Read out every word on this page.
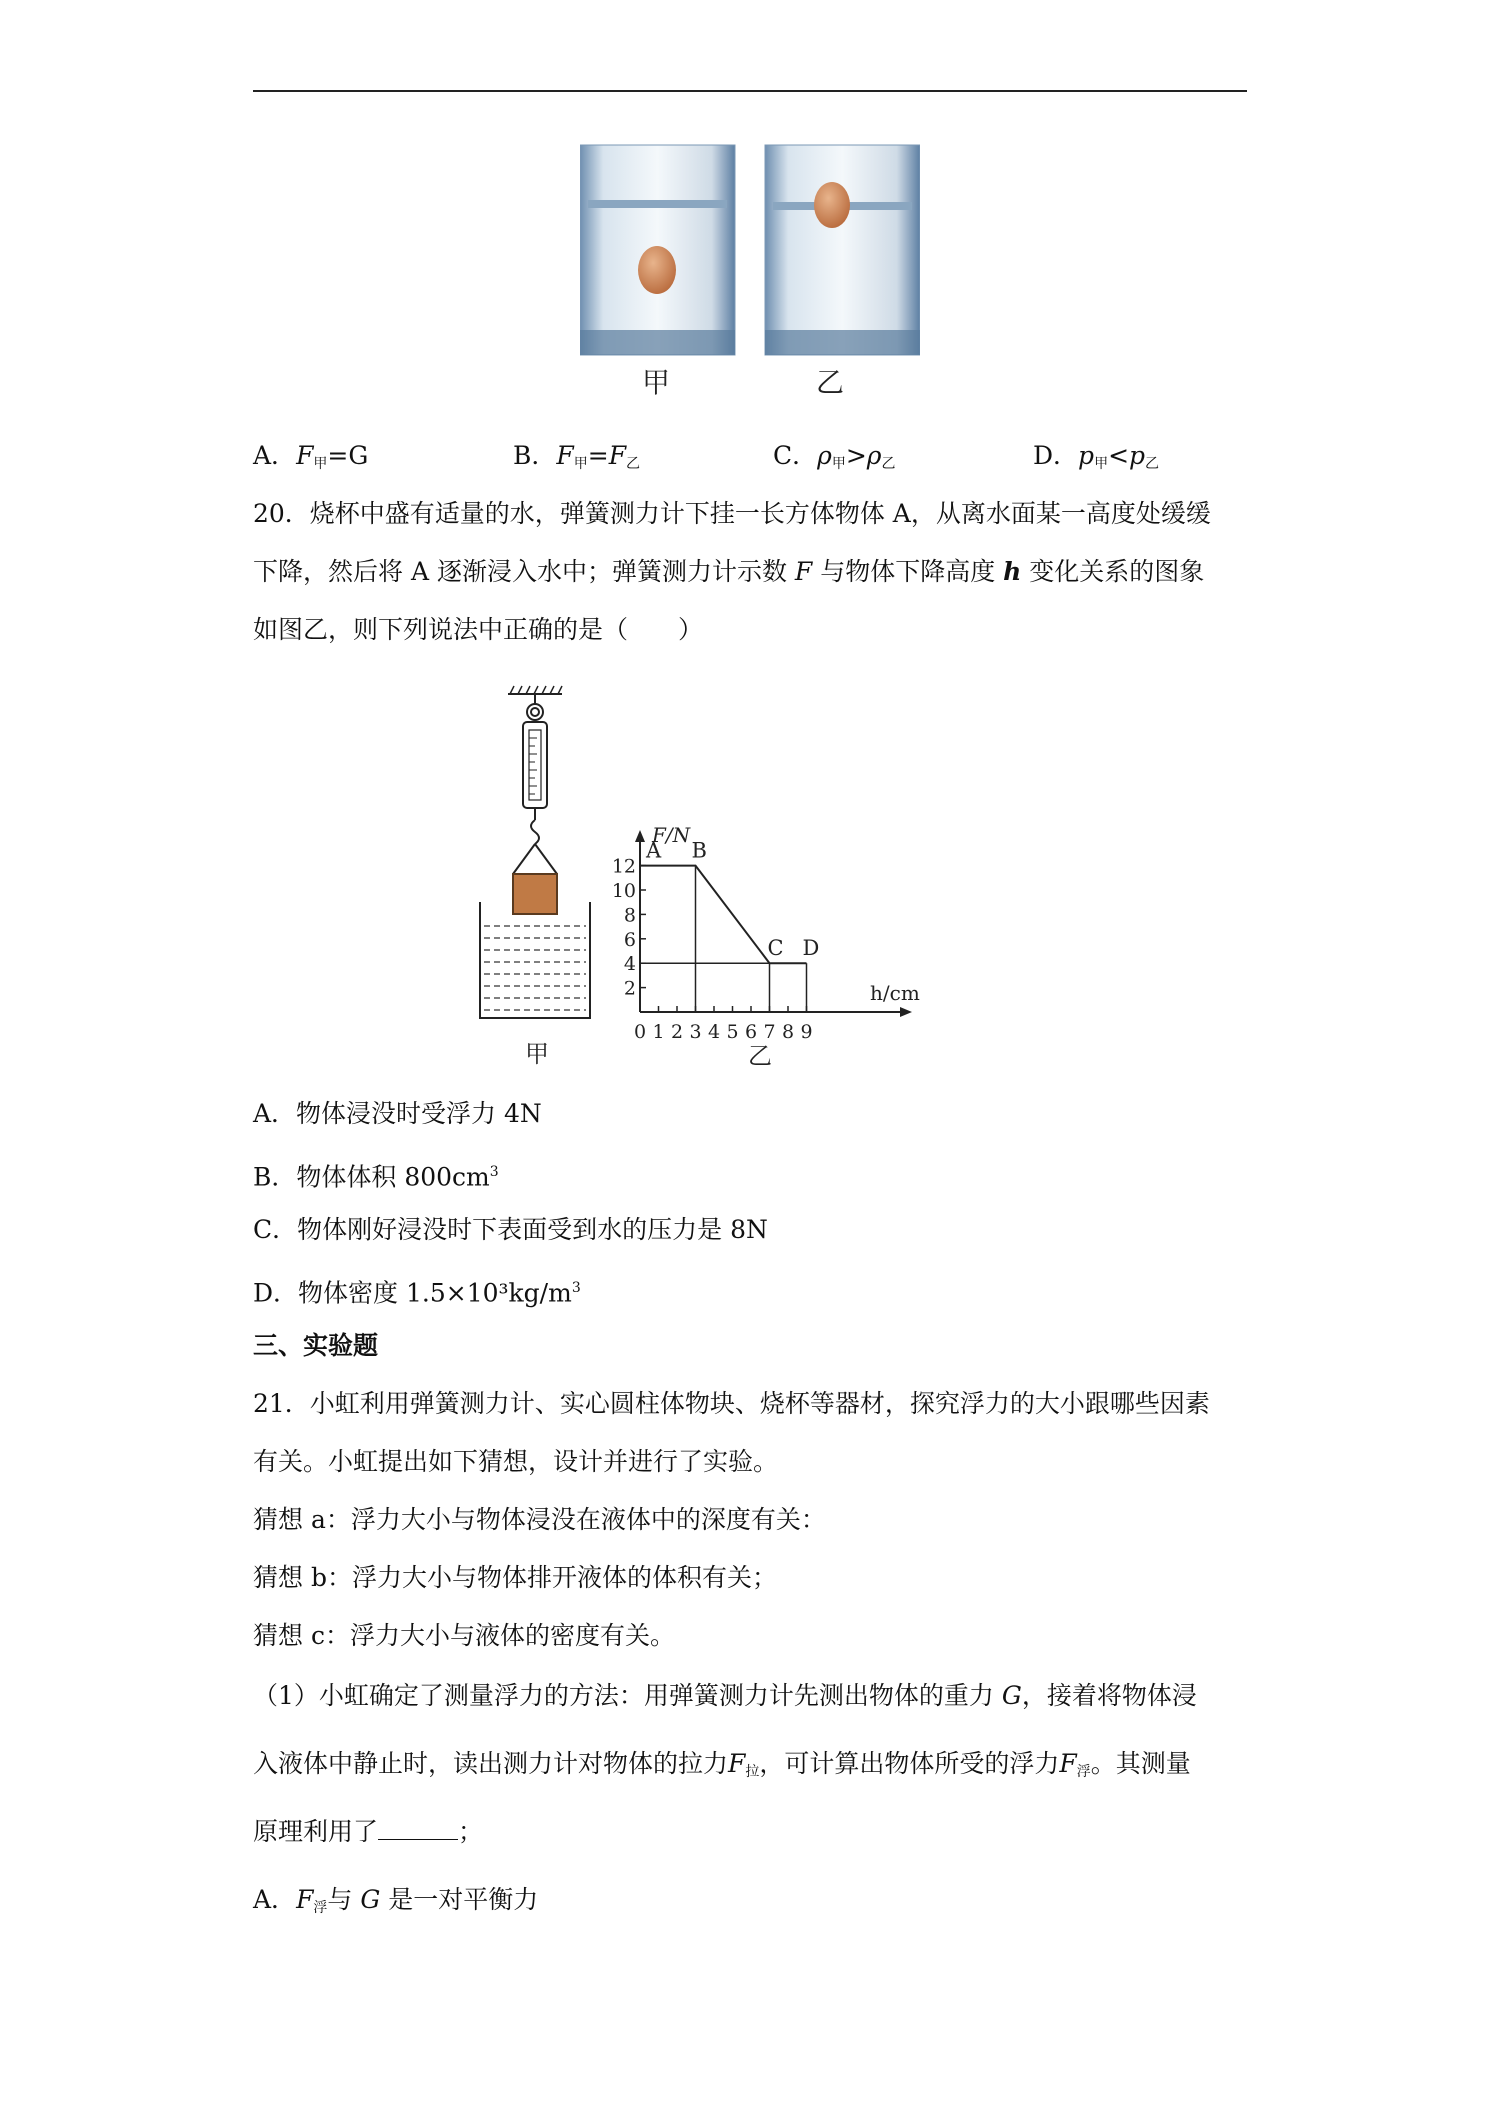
甲	乙
A．$F_甲=G$	B．$F_甲=F_乙$	C．$\rho_甲>\rho_乙$	D．$p_甲<p_乙$
20．烧杯中盛有适量的水，弹簧测力计下挂一长方体物体 A，从离水面某一高度处缓缓
下降，然后将 A 逐渐浸入水中；弹簧测力计示数 F 与物体下降高度 h 变化关系的图象
如图乙，则下列说法中正确的是（　　）
甲
F/N
h/cm
2
4
6
8
10
12
0 1 2 3 4 5 6 7 8 9
A B
C D
乙
A．物体浸没时受浮力 4N
B．物体体积 $800cm^3$
C．物体刚好浸没时下表面受到水的压力是 8N
D．物体密度 $1.5\times 10^3kg/m^3$
三、实验题
21．小虹利用弹簧测力计、实心圆柱体物块、烧杯等器材，探究浮力的大小跟哪些因素
有关。小虹提出如下猜想，设计并进行了实验。
猜想 a：浮力大小与物体浸没在液体中的深度有关：
猜想 b：浮力大小与物体排开液体的体积有关；
猜想 c：浮力大小与液体的密度有关。
（1）小虹确定了测量浮力的方法：用弹簧测力计先测出物体的重力 G，接着将物体浸
入液体中静止时，读出测力计对物体的拉力$F_拉$，可计算出物体所受的浮力$F_浮$。其测量
原理利用了	；
A．$F_浮$与 G 是一对平衡力
